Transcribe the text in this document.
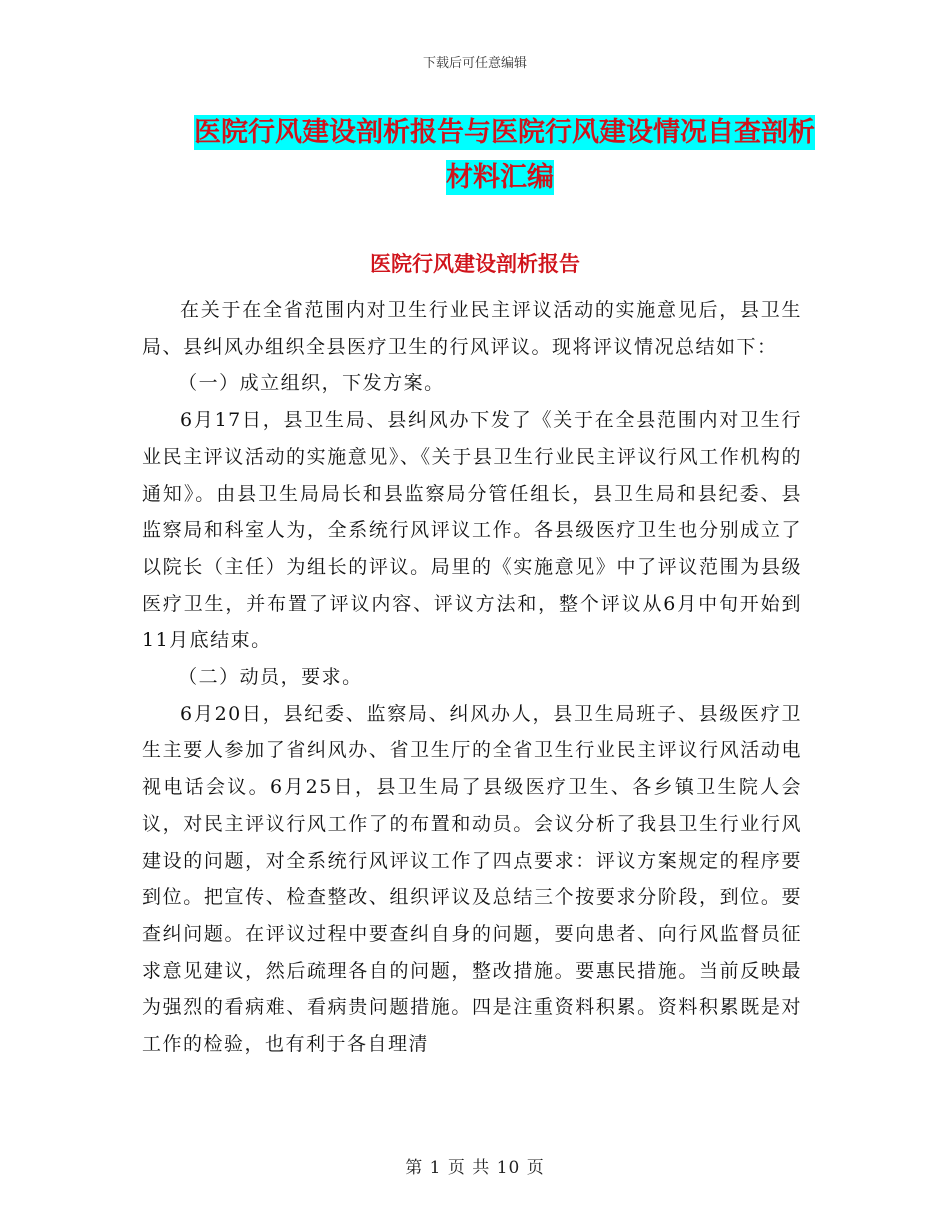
下载后可任意编辑
医院行风建设剖析报告与医院行风建设情况自查剖析
材料汇编
医院行风建设剖析报告

在关于在全省范围内对卫生行业民主评议活动的实施意见后，县卫生局、县纠风办组织全县医疗卫生的行风评议。现将评议情况总结如下：

（一）成立组织，下发方案。

6月17日，县卫生局、县纠风办下发了《关于在全县范围内对卫生行业民主评议活动的实施意见》、《关于县卫生行业民主评议行风工作机构的通知》。由县卫生局局长和县监察局分管任组长，县卫生局和县纪委、县监察局和科室人为，全系统行风评议工作。各县级医疗卫生也分别成立了以院长（主任）为组长的评议。局里的《实施意见》中了评议范围为县级医疗卫生，并布置了评议内容、评议方法和，整个评议从6月中旬开始到11月底结束。

（二）动员，要求。

6月20日，县纪委、监察局、纠风办人，县卫生局班子、县级医疗卫生主要人参加了省纠风办、省卫生厅的全省卫生行业民主评议行风活动电视电话会议。6月25日，县卫生局了县级医疗卫生、各乡镇卫生院人会议，对民主评议行风工作了的布置和动员。会议分析了我县卫生行业行风建设的问题，对全系统行风评议工作了四点要求：评议方案规定的程序要到位。把宣传、检查整改、组织评议及总结三个按要求分阶段，到位。要查纠问题。在评议过程中要查纠自身的问题，要向患者、向行风监督员征求意见建议，然后疏理各自的问题，整改措施。要惠民措施。当前反映最为强烈的看病难、看病贵问题措施。四是注重资料积累。资料积累既是对工作的检验，也有利于各自理清

第 1 页 共 10 页
